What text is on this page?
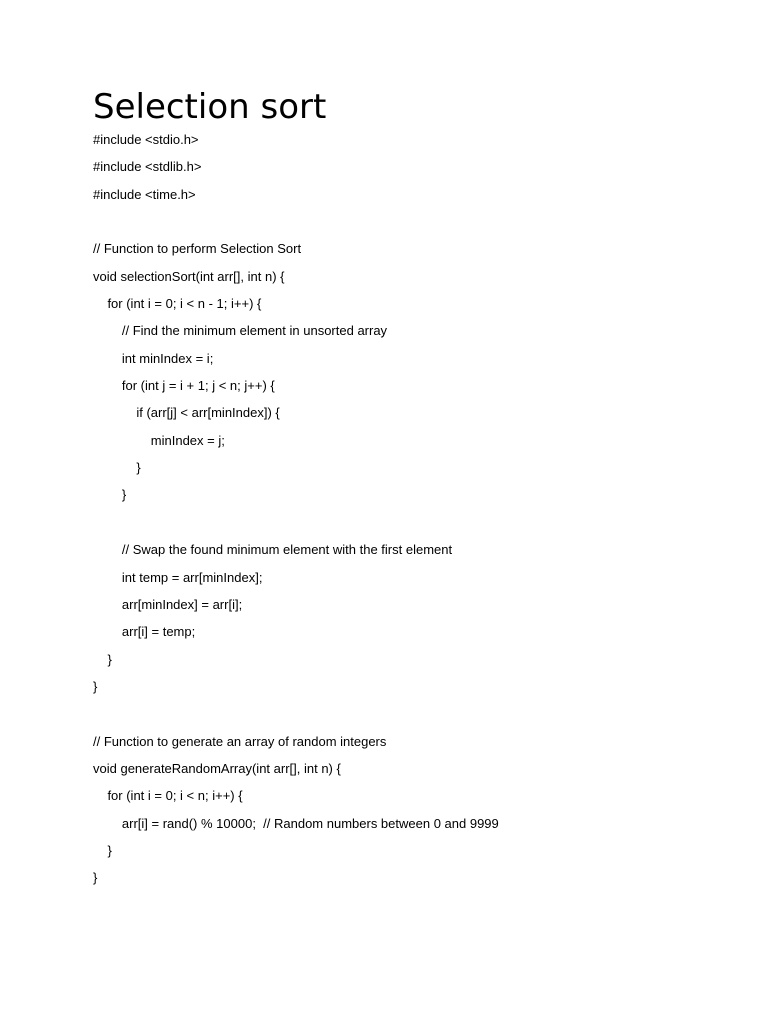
Selection sort
#include <stdio.h>
#include <stdlib.h>
#include <time.h>
// Function to perform Selection Sort
void selectionSort(int arr[], int n) {
for (int i = 0; i < n - 1; i++) {
// Find the minimum element in unsorted array
int minIndex = i;
for (int j = i + 1; j < n; j++) {
if (arr[j] < arr[minIndex]) {
minIndex = j;
}
}
// Swap the found minimum element with the first element
int temp = arr[minIndex];
arr[minIndex] = arr[i];
arr[i] = temp;
}
}
// Function to generate an array of random integers
void generateRandomArray(int arr[], int n) {
for (int i = 0; i < n; i++) {
arr[i] = rand() % 10000;  // Random numbers between 0 and 9999
}
}
